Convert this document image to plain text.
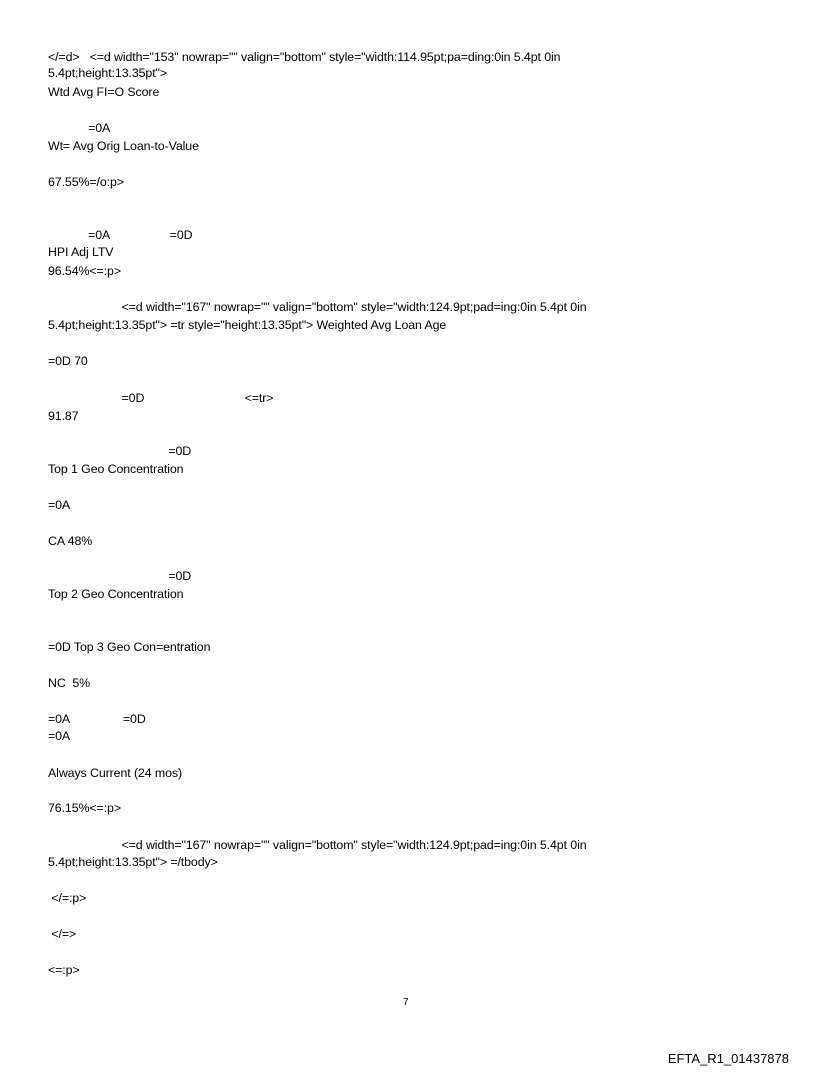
</=d>   <=d width="153" nowrap="" valign="bottom" style="width:114.95pt;pa=ding:0in 5.4pt 0in
5.4pt;height:13.35pt">
Wtd Avg FI=O Score
=0A
Wt= Avg Orig Loan-to-Value
67.55%=/o:p>
=0A                  =0D
HPI Adj LTV
96.54%<=:p>
<=d width="167" nowrap="" valign="bottom" style="width:124.9pt;pad=ing:0in 5.4pt 0in
5.4pt;height:13.35pt"> =tr style="height:13.35pt"> Weighted Avg Loan Age
=0D 70
=0D                              <=tr>
91.87
=0D
Top 1 Geo Concentration
=0A
CA 48%
=0D
Top 2 Geo Concentration
=0D Top 3 Geo Con=entration
NC  5%
=0A                =0D
=0A
Always Current (24 mos)
76.15%<=:p>
<=d width="167" nowrap="" valign="bottom" style="width:124.9pt;pad=ing:0in 5.4pt 0in
5.4pt;height:13.35pt"> =/tbody>
</=:p>
</=>
<=:p>
7
EFTA_R1_01437878
